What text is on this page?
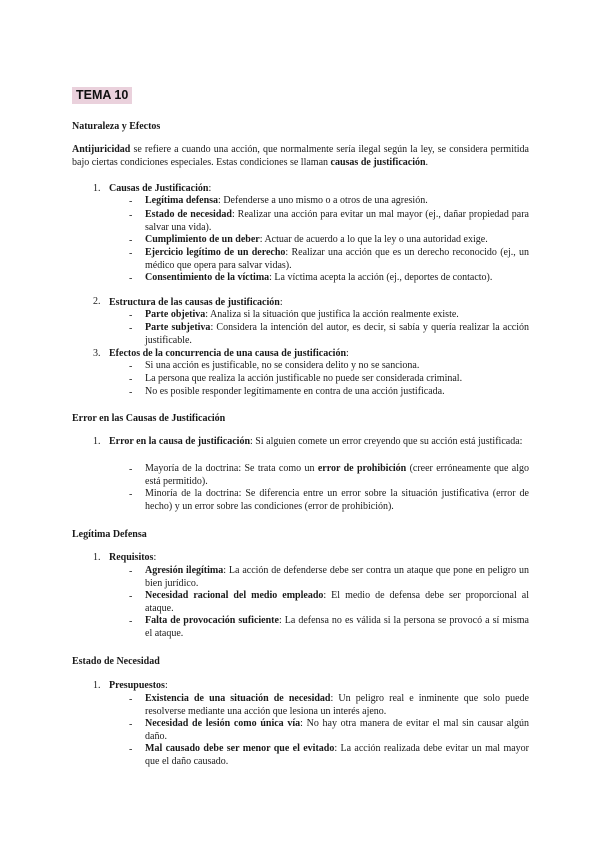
TEMA 10
Naturaleza y Efectos
Antijuricidad se refiere a cuando una acción, que normalmente sería ilegal según la ley, se considera permitida bajo ciertas condiciones especiales. Estas condiciones se llaman causas de justificación.
1. Causas de Justificación:
- Legítima defensa: Defenderse a uno mismo o a otros de una agresión.
- Estado de necesidad: Realizar una acción para evitar un mal mayor (ej., dañar propiedad para salvar una vida).
- Cumplimiento de un deber: Actuar de acuerdo a lo que la ley o una autoridad exige.
- Ejercicio legítimo de un derecho: Realizar una acción que es un derecho reconocido (ej., un médico que opera para salvar vidas).
- Consentimiento de la víctima: La víctima acepta la acción (ej., deportes de contacto).
2. Estructura de las causas de justificación:
- Parte objetiva: Analiza si la situación que justifica la acción realmente existe.
- Parte subjetiva: Considera la intención del autor, es decir, si sabía y quería realizar la acción justificable.
3. Efectos de la concurrencia de una causa de justificación:
- Si una acción es justificable, no se considera delito y no se sanciona.
- La persona que realiza la acción justificable no puede ser considerada criminal.
- No es posible responder legítimamente en contra de una acción justificada.
Error en las Causas de Justificación
1. Error en la causa de justificación: Si alguien comete un error creyendo que su acción está justificada:
- Mayoría de la doctrina: Se trata como un error de prohibición (creer erróneamente que algo está permitido).
- Minoría de la doctrina: Se diferencia entre un error sobre la situación justificativa (error de hecho) y un error sobre las condiciones (error de prohibición).
Legítima Defensa
1. Requisitos:
- Agresión ilegítima: La acción de defenderse debe ser contra un ataque que pone en peligro un bien jurídico.
- Necesidad racional del medio empleado: El medio de defensa debe ser proporcional al ataque.
- Falta de provocación suficiente: La defensa no es válida si la persona se provocó a sí misma el ataque.
Estado de Necesidad
1. Presupuestos:
- Existencia de una situación de necesidad: Un peligro real e inminente que solo puede resolverse mediante una acción que lesiona un interés ajeno.
- Necesidad de lesión como única vía: No hay otra manera de evitar el mal sin causar algún daño.
- Mal causado debe ser menor que el evitado: La acción realizada debe evitar un mal mayor que el daño causado.
